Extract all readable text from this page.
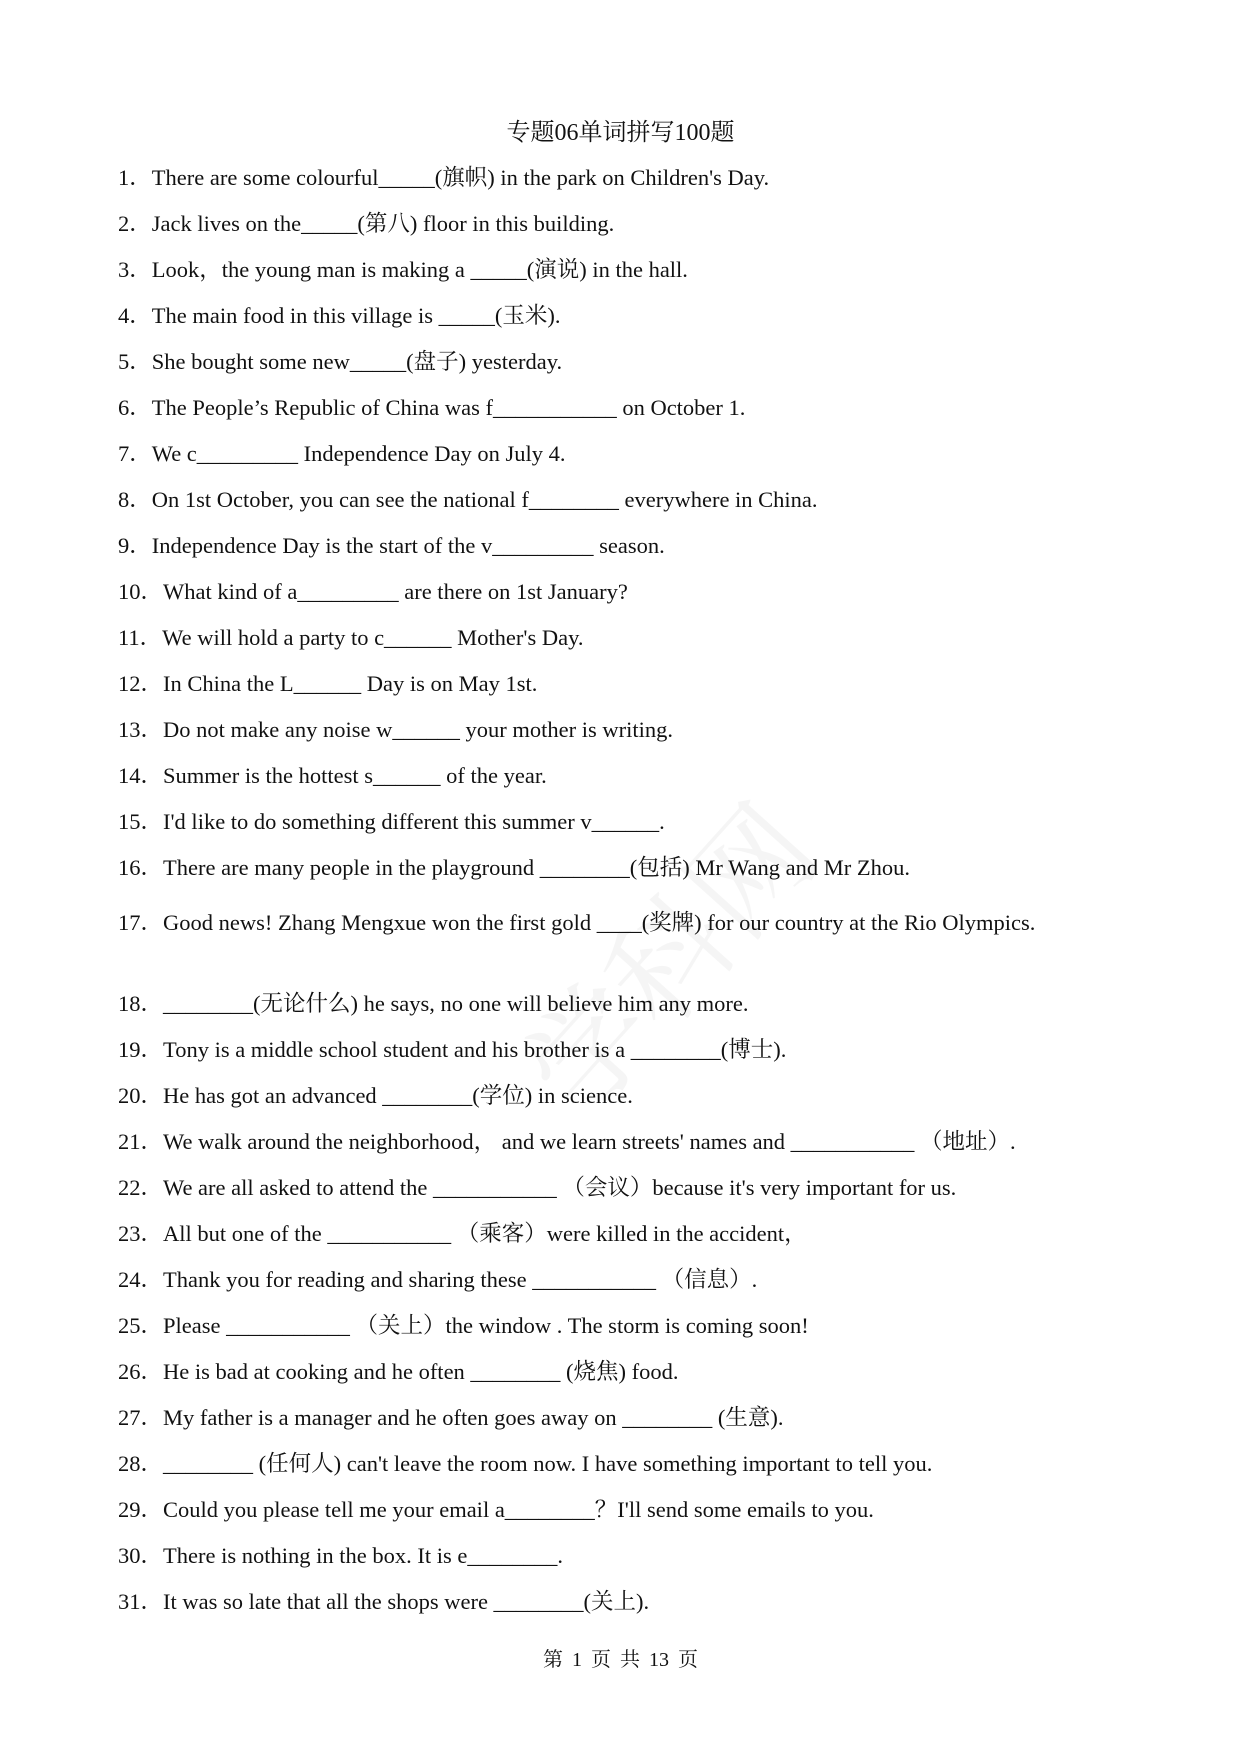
专题06单词拼写100题
1． There are some colourful_____(旗帜) in the park on Children's Day.
2． Jack lives on the_____(第八) floor in this building.
3． Look，the young man is making a _____(演说) in the hall.
4． The main food in this village is _____(玉米).
5． She bought some new_____(盘子) yesterday.
6． The People’s Republic of China was f___________ on October 1.
7． We c_________ Independence Day on July 4.
8． On 1st October, you can see the national f________ everywhere in China.
9． Independence Day is the start of the v_________ season.
10． What kind of a_________ are there on 1st January?
11． We will hold a party to c______ Mother's Day.
12． In China the L______ Day is on May 1st.
13． Do not make any noise w______ your mother is writing.
14． Summer is the hottest s______ of the year.
15． I'd like to do something different this summer v______.
16． There are many people in the playground ________(包括) Mr Wang and Mr Zhou.
17．Good news! Zhang Mengxue won the first gold ____(奖牌) for our country at the Rio Olympics.
18． ________(无论什么) he says, no one will believe him any more.
19． Tony is a middle school student and his brother is a ________(博士).
20． He has got an advanced ________(学位) in science.
21． We walk around the neighborhood， and we learn streets' names and ___________ （地址）.
22． We are all asked to attend the ___________ （会议）because it's very important for us.
23． All but one of the ___________ （乘客）were killed in the accident，
24． Thank you for reading and sharing these ___________ （信息）.
25． Please ___________ （关上）the window . The storm is coming soon!
26． He is bad at cooking and he often ________ (烧焦) food.
27． My father is a manager and he often goes away on ________ (生意).
28． ________ (任何人) can't leave the room now. I have something important to tell you.
29． Could you please tell me your email a________？I'll send some emails to you.
30． There is nothing in the box. It is e________.
31． It was so late that all the shops were ________(关上).
第 1 页 共 13 页
